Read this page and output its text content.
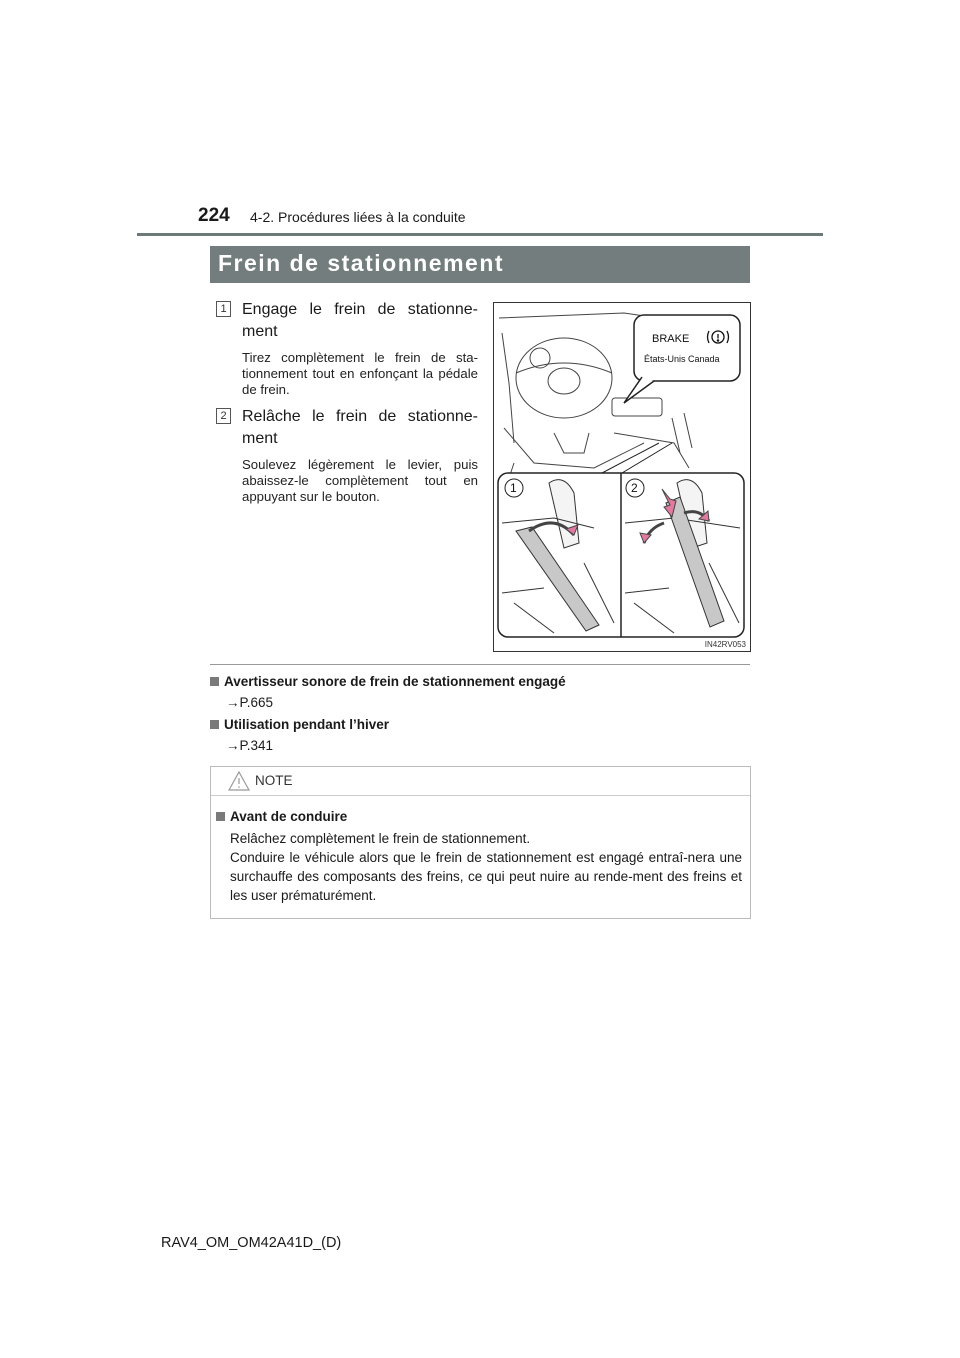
224 4-2. Procédures liées à la conduite
Frein de stationnement
1 Engage le frein de stationne-ment
Tirez complètement le frein de sta-tionnement tout en enfonçant la pédale de frein.
2 Relâche le frein de stationne-ment
Soulevez légèrement le levier, puis abaissez-le complètement tout en appuyant sur le bouton.
BRAKE
États-Unis Canada
1	2
IN42RV053
Avertisseur sonore de frein de stationnement engagé
→P.665
Utilisation pendant l’hiver
→P.341
NOTE
Avant de conduire
Relâchez complètement le frein de stationnement.
Conduire le véhicule alors que le frein de stationnement est engagé entraî-nera une surchauffe des composants des freins, ce qui peut nuire au rende-ment des freins et les user prématurément.
RAV4_OM_OM42A41D_(D)
